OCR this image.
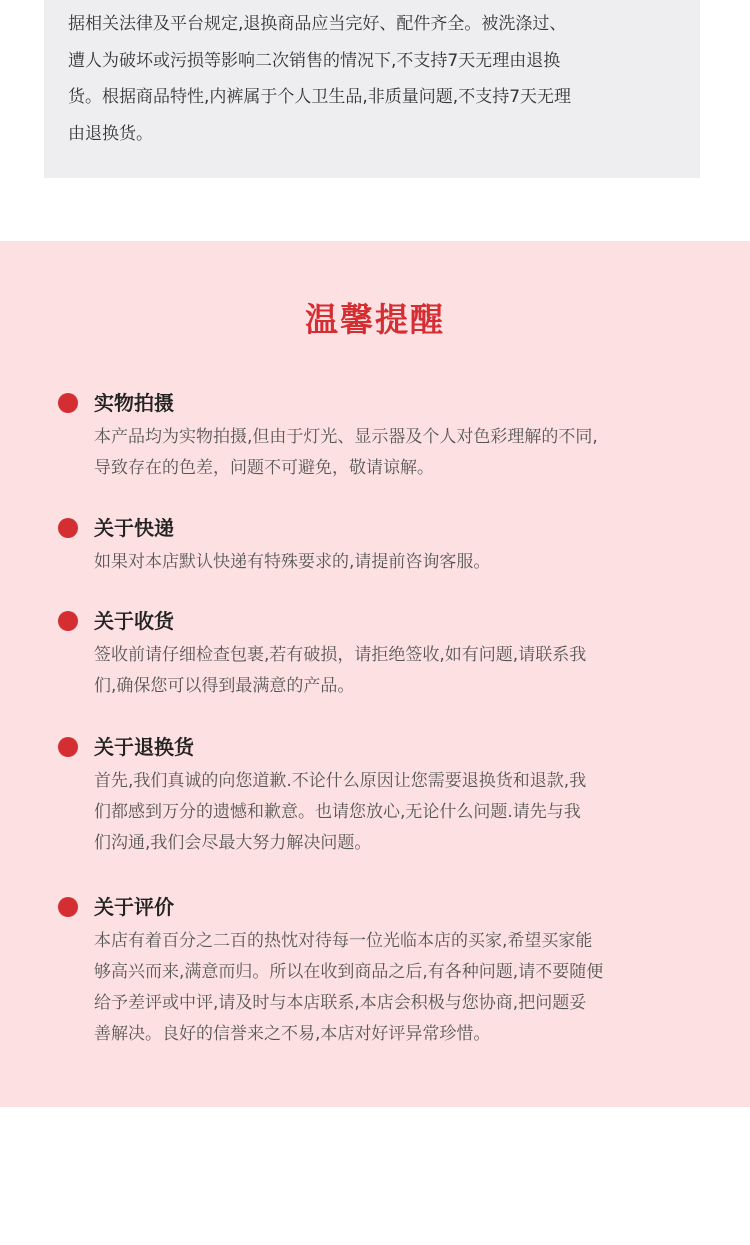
据相关法律及平台规定,退换商品应当完好、配件齐全。被洗涤过、
遭人为破坏或污损等影响二次销售的情况下,不支持7天无理由退换
货。根据商品特性,内裤属于个人卫生品,非质量问题,不支持7天无理
由退换货。
温馨提醒
实物拍摄
本产品均为实物拍摄,但由于灯光、显示器及个人对色彩理解的不同,
导致存在的色差，问题不可避免，敬请谅解。
关于快递
如果对本店默认快递有特殊要求的,请提前咨询客服。
关于收货
签收前请仔细检查包裹,若有破损，请拒绝签收,如有问题,请联系我
们,确保您可以得到最满意的产品。
关于退换货
首先,我们真诚的向您道歉.不论什么原因让您需要退换货和退款,我
们都感到万分的遗憾和歉意。也请您放心,无论什么问题.请先与我
们沟通,我们会尽最大努力解决问题。
关于评价
本店有着百分之二百的热忱对待每一位光临本店的买家,希望买家能
够高兴而来,满意而归。所以在收到商品之后,有各种问题,请不要随便
给予差评或中评,请及时与本店联系,本店会积极与您协商,把问题妥
善解决。良好的信誉来之不易,本店对好评异常珍惜。
